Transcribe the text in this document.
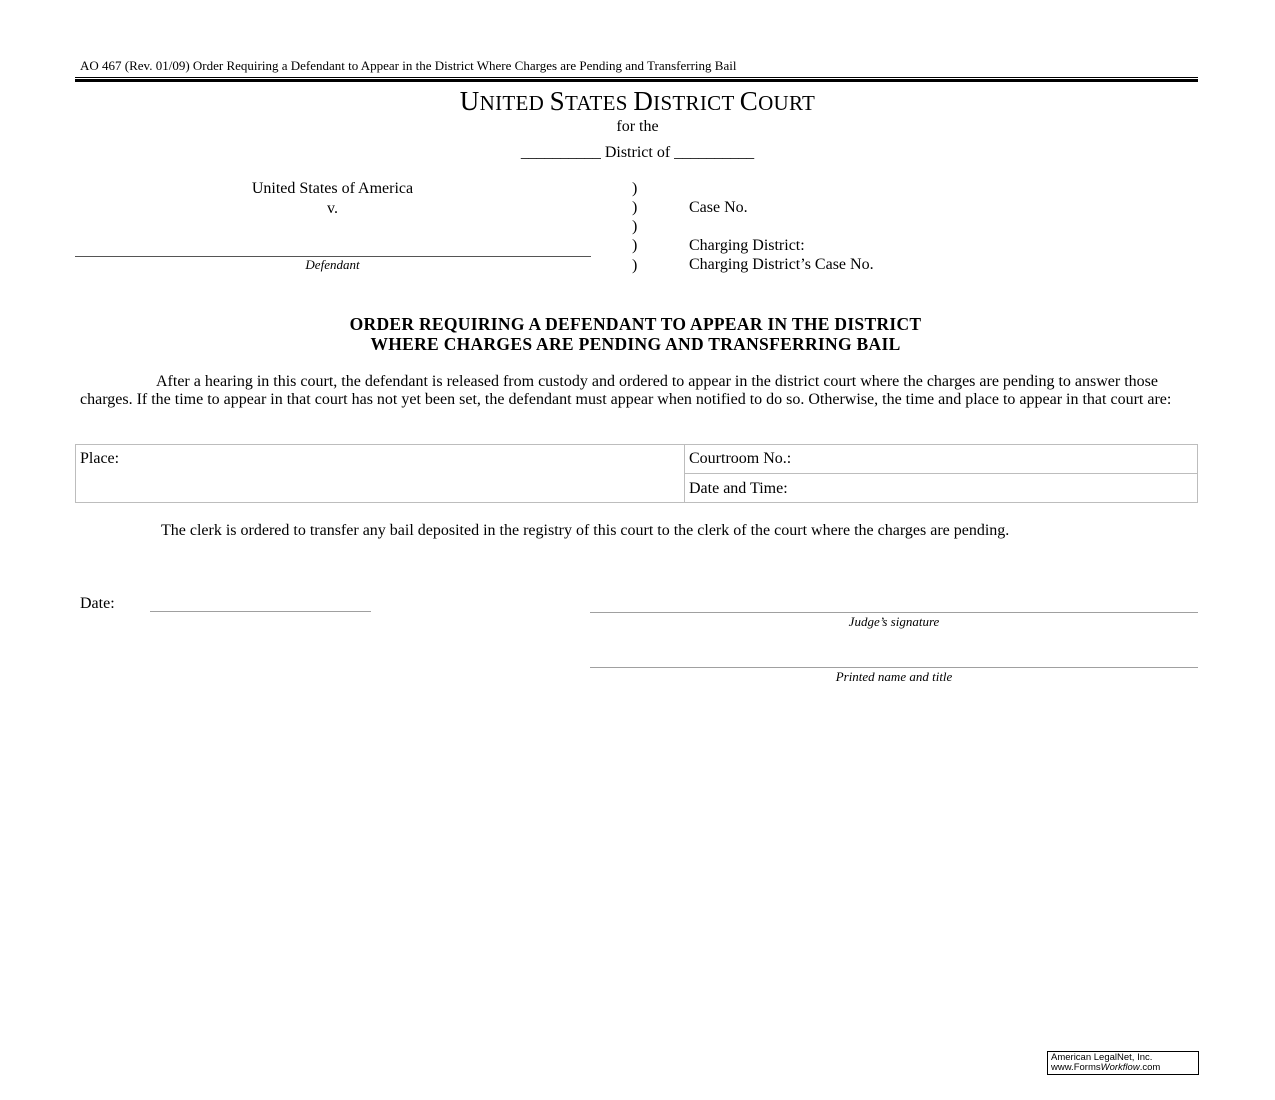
AO 467 (Rev. 01/09) Order Requiring a Defendant to Appear in the District Where Charges are Pending and Transferring Bail
UNITED STATES DISTRICT COURT
for the
__________ District of __________
United States of America
v.
Defendant
)
)
)
)
)
Case No.
Charging District:
Charging District’s Case No.
ORDER REQUIRING A DEFENDANT TO APPEAR IN THE DISTRICT
WHERE CHARGES ARE PENDING AND TRANSFERRING BAIL
After a hearing in this court, the defendant is released from custody and ordered to appear in the district court where the charges are pending to answer those charges. If the time to appear in that court has not yet been set, the defendant must appear when notified to do so. Otherwise, the time and place to appear in that court are:
Place:	Courtroom No.:
Date and Time:
The clerk is ordered to transfer any bail deposited in the registry of this court to the clerk of the court where the charges are pending.
Date:
Judge’s signature
Printed name and title
American LegalNet, Inc.
www.FormsWorkflow.com
